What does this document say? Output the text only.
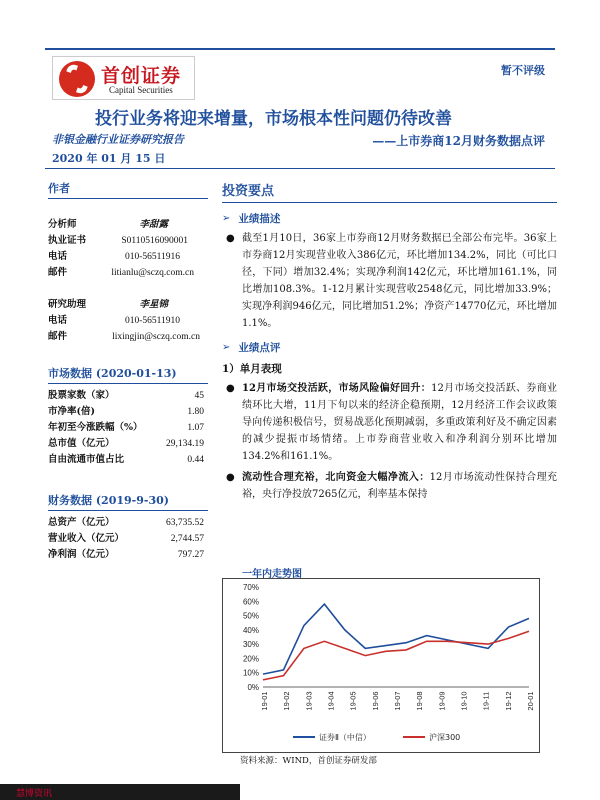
首创证券
Capital Securities
暂不评级
投行业务将迎来增量，市场根本性问题仍待改善
非银金融行业证券研究报告	——上市券商12月财务数据点评
2020 年 01 月 15 日
作者
分析师	李甜露
执业证书	S0110516090001
电话	010-56511916
邮件	litianlu@sczq.com.cn
研究助理	李星锦
电话	010-56511910
邮件	lixingjin@sczq.com.cn
市场数据 (2020-01-13)
股票家数（家）	45
市净率(倍)	1.80
年初至今涨跌幅（%）	1.07
总市值（亿元）	29,134.19
自由流通市值占比	0.44
财务数据 (2019-9-30)
总资产（亿元）	63,735.52
营业收入（亿元）	2,744.57
净利润（亿元）	797.27
投资要点
➢ 业绩描述
● 截至1月10日，36家上市券商12月财务数据已全部公布完毕。36家上市券商12月实现营业收入386亿元，环比增加134.2%，同比（可比口径，下同）增加32.4%；实现净利润142亿元，环比增加161.1%，同比增加108.3%。1-12月累计实现营收2548亿元，同比增加33.9%；实现净利润946亿元，同比增加51.2%；净资产14770亿元，环比增加1.1%。
➢ 业绩点评
1）单月表现
● 12月市场交投活跃，市场风险偏好回升：12月市场交投活跃、券商业绩环比大增，11月下旬以来的经济企稳预期，12月经济工作会议政策导向传递积极信号，贸易战恶化预期减弱，多重政策利好及不确定因素的减少提振市场情绪。上市券商营业收入和净利润分别环比增加134.2%和161.1%。
● 流动性合理充裕，北向资金大幅净流入：12月市场流动性保持合理充裕，央行净投放7265亿元，利率基本保持
一年内走势图
0%
10%
20%
30%
40%
50%
60%
70%
19-01 19-02 19-03 19-04 19-05 19-06 19-07 19-08 19-09 19-10 19-11 19-12 20-01
证券Ⅱ（中信）	沪深300
资料来源：WIND，首创证券研发部
慧博资讯
